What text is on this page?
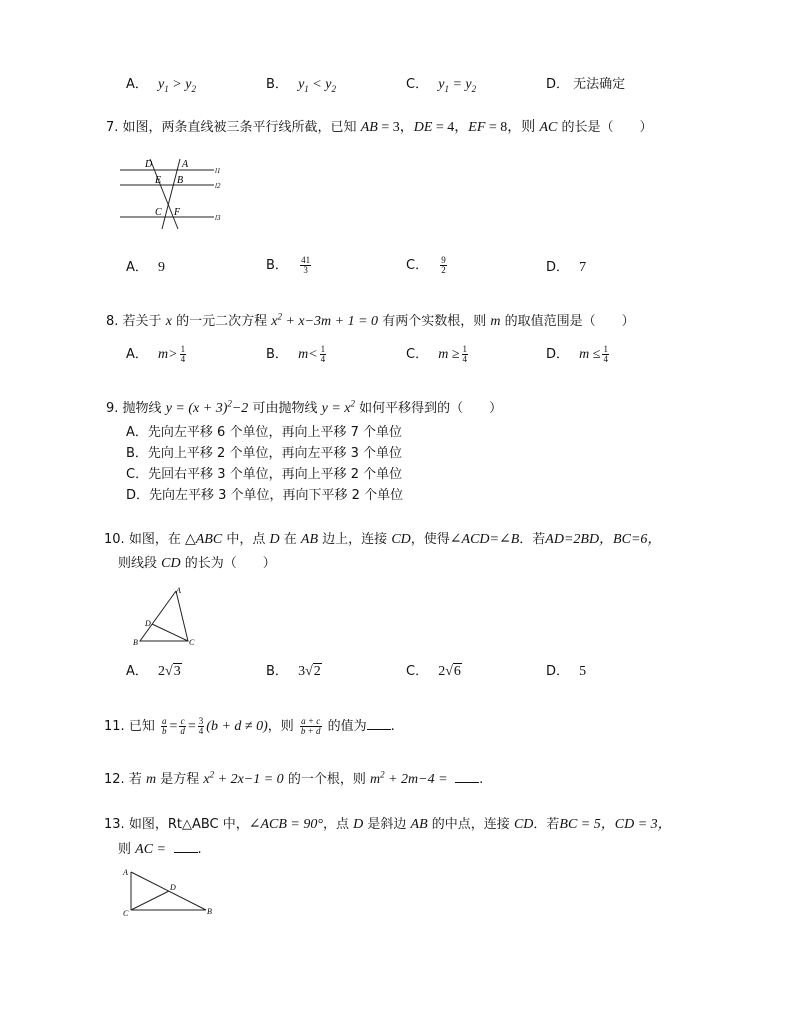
A． $y_1 > y_2$	B． $y_1 < y_2$	C． $y_1 = y_2$	D． 无法确定
7. 如图，两条直线被三条平行线所截，已知 AB = 3，DE = 4，EF = 8，则 AC 的长是（　　）
D	A
E B
C F
l1
l2
l3
A． 9	B． $\frac{41}{3}$	C． $\frac{9}{2}$	D． 7
8. 若关于 x 的一元二次方程 $x^2 + x-3m + 1 = 0$ 有两个实数根，则 m 的取值范围是（　　）
A． $m> \frac{1}{4}$	B． $m< \frac{1}{4}$	C． $m \ge \frac{1}{4}$	D． $m \le \frac{1}{4}$
9. 抛物线 $y = (x + 3)^2-2$ 可由抛物线 $y = x^2$ 如何平移得到的（　　）
A．先向左平移 6 个单位，再向上平移 7 个单位
B．先向上平移 2 个单位，再向左平移 3 个单位
C．先回右平移 3 个单位，再向上平移 2 个单位
D．先向左平移 3 个单位，再向下平移 2 个单位
10. 如图，在 △ABC 中，点 D 在 AB 边上，连接 CD，使得∠ACD=∠B．若AD=2BD，BC=6，
则线段 CD 的长为（　　）
A
D
B	C
A． 2√3	B． 3√2	C． 2√6	D． 5
11. 已知 $\frac{a}{b} = \frac{c}{d} = \frac{3}{4} (b + d \ne 0)$，则 $\frac{a + c}{b + d}$ 的值为 .
12. 若 m 是方程 $x^2 + 2x-1 = 0$ 的一个根，则 $m^2 + 2m-4$ = .
13. 如图，Rt△ABC 中，∠ACB = 90°，点 D 是斜边 AB 的中点，连接 CD．若BC = 5，CD = 3，
则 AC = .
A
D
C	B
